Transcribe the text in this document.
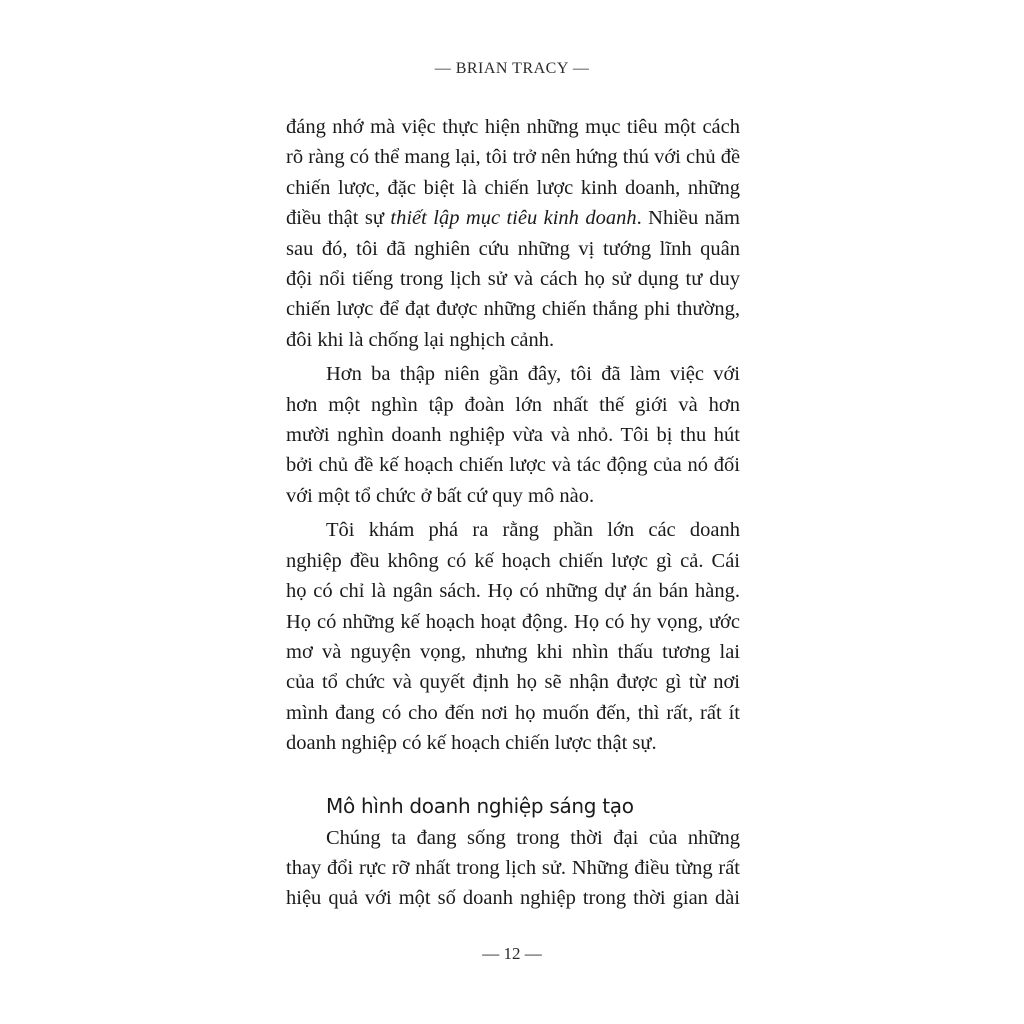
— BRIAN TRACY —

đáng nhớ mà việc thực hiện những mục tiêu một cách
rõ ràng có thể mang lại, tôi trở nên hứng thú với chủ đề
chiến lược, đặc biệt là chiến lược kinh doanh, những
điều thật sự thiết lập mục tiêu kinh doanh. Nhiều năm
sau đó, tôi đã nghiên cứu những vị tướng lĩnh quân
đội nổi tiếng trong lịch sử và cách họ sử dụng tư duy
chiến lược để đạt được những chiến thắng phi thường,
đôi khi là chống lại nghịch cảnh.

Hơn ba thập niên gần đây, tôi đã làm việc với
hơn một nghìn tập đoàn lớn nhất thế giới và hơn
mười nghìn doanh nghiệp vừa và nhỏ. Tôi bị thu hút
bởi chủ đề kế hoạch chiến lược và tác động của nó đối
với một tổ chức ở bất cứ quy mô nào.

Tôi khám phá ra rằng phần lớn các doanh
nghiệp đều không có kế hoạch chiến lược gì cả. Cái
họ có chỉ là ngân sách. Họ có những dự án bán hàng.
Họ có những kế hoạch hoạt động. Họ có hy vọng, ước
mơ và nguyện vọng, nhưng khi nhìn thấu tương lai
của tổ chức và quyết định họ sẽ nhận được gì từ nơi
mình đang có cho đến nơi họ muốn đến, thì rất, rất ít
doanh nghiệp có kế hoạch chiến lược thật sự.

Mô hình doanh nghiệp sáng tạo

Chúng ta đang sống trong thời đại của những
thay đổi rực rỡ nhất trong lịch sử. Những điều từng rất
hiệu quả với một số doanh nghiệp trong thời gian dài

— 12 —
